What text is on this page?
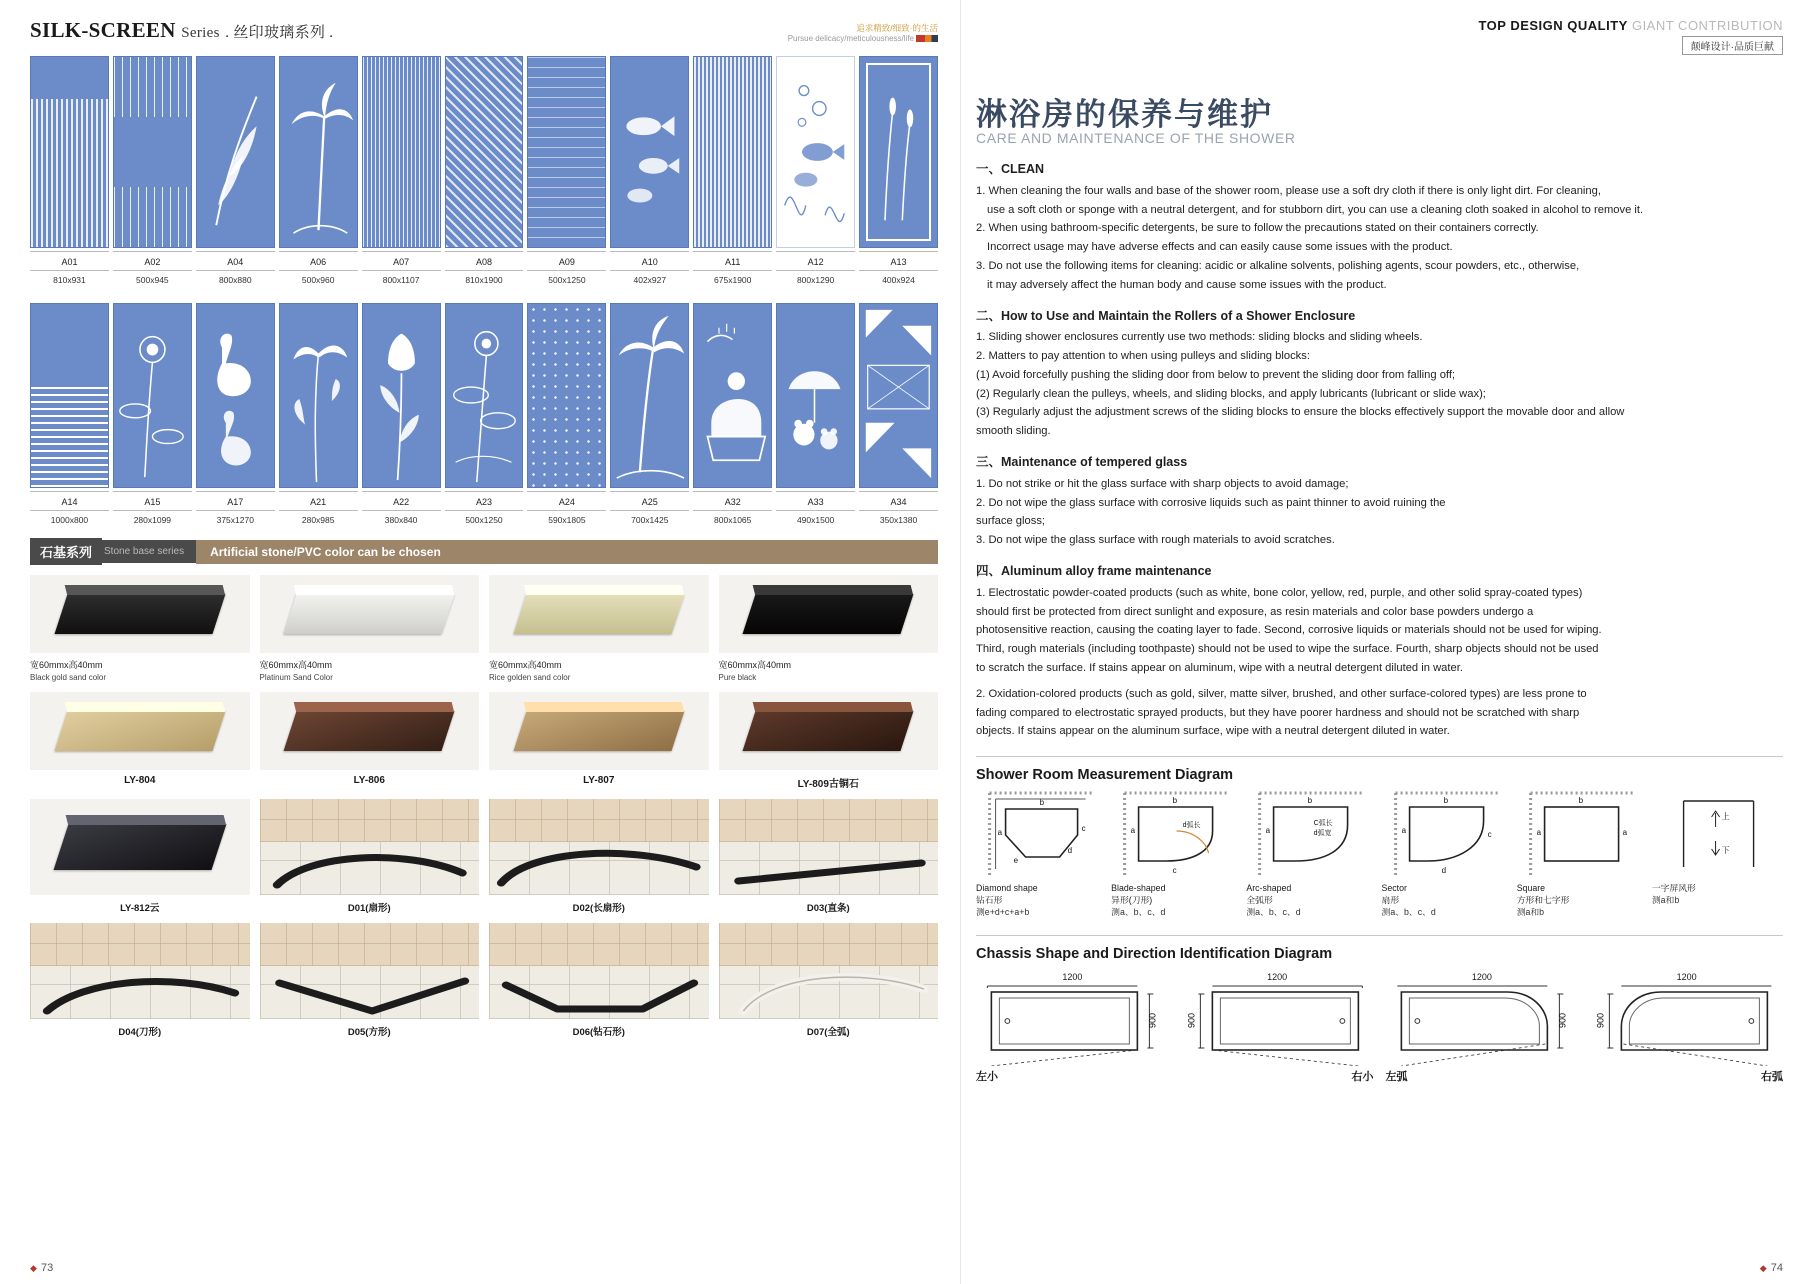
SILK-SCREEN Series . 丝印玻璃系列 .	追求精致/细致·的生活
Pursue delicacy/meticulousness/life
A01
810x931
A02
500x945
A04
800x880
A06
500x960
A07
800x1107
A08
810x1900
A09
500x1250
A10
402x927
A11
675x1900
A12
800x1290
A13
400x924
A14
1000x800
A15
280x1099
A17
375x1270
A21
280x985
A22
380x840
A23
500x1250
A24
590x1805
A25
700x1425
A32
800x1065
A33
490x1500
A34
350x1380
石基系列	Stone base series	Artificial stone/PVC color can be chosen
宽60mmx高40mm
Black gold sand color
宽60mmx高40mm
Platinum Sand Color
宽60mmx高40mm
Rice golden sand color
宽60mmx高40mm
Pure black
LY-804	LY-806	LY-807	LY-809古铜石
LY-812云	D01(扇形)	D02(长扇形)	D03(直条)
D04(刀形)	D05(方形)	D06(钻石形)	D07(全弧)
◆ 73
TOP DESIGN QUALITY GIANT CONTRIBUTION
颠峰设计·品质巨献
淋浴房的保养与维护
CARE AND MAINTENANCE OF THE SHOWER
一、CLEAN

1. When cleaning the four walls and base of the shower room, please use a soft dry cloth if there is only light dirt. For cleaning,

use a soft cloth or sponge with a neutral detergent, and for stubborn dirt, you can use a cleaning cloth soaked in alcohol to remove it.

2. When using bathroom-specific detergents, be sure to follow the precautions stated on their containers correctly.

Incorrect usage may have adverse effects and can easily cause some issues with the product.

3. Do not use the following items for cleaning: acidic or alkaline solvents, polishing agents, scour powders, etc., otherwise,

it may adversely affect the human body and cause some issues with the product.

二、How to Use and Maintain the Rollers of a Shower Enclosure

1. Sliding shower enclosures currently use two methods: sliding blocks and sliding wheels.

2. Matters to pay attention to when using pulleys and sliding blocks:

(1) Avoid forcefully pushing the sliding door from below to prevent the sliding door from falling off;

(2) Regularly clean the pulleys, wheels, and sliding blocks, and apply lubricants (lubricant or slide wax);

(3) Regularly adjust the adjustment screws of the sliding blocks to ensure the blocks effectively support the movable door and allow

smooth sliding.

三、Maintenance of tempered glass

1. Do not strike or hit the glass surface with sharp objects to avoid damage;

2. Do not wipe the glass surface with corrosive liquids such as paint thinner to avoid ruining the

surface gloss;

3. Do not wipe the glass surface with rough materials to avoid scratches.

四、Aluminum alloy frame maintenance

1. Electrostatic powder-coated products (such as white, bone color, yellow, red, purple, and other solid spray-coated types)

should first be protected from direct sunlight and exposure, as resin materials and color base powders undergo a

photosensitive reaction, causing the coating layer to fade. Second, corrosive liquids or materials should not be used for wiping.

Third, rough materials (including toothpaste) should not be used to wipe the surface. Fourth, sharp objects should not be used

to scratch the surface. If stains appear on aluminum, wipe with a neutral detergent diluted in water.

2. Oxidation-colored products (such as gold, silver, matte silver, brushed, and other surface-colored types) are less prone to

fading compared to electrostatic sprayed products, but they have poorer hardness and should not be scratched with sharp

objects. If stains appear on the aluminum surface, wipe with a neutral detergent diluted in water.

Shower Room Measurement Diagram
a
b
c
d
e
Diamond shape
钻石形
测e+d+c+a+b
a
b
c
d弧长
Blade-shaped
异形(刀形)
测a、b、c、d
a
b
C弧长
d弧宽
Arc-shaped
全弧形
测a、b、c、d
a
b
c
d
Sector
扇形
测a、b、c、d
a
b
a
Square
方形和七字形
测a和b
上
下
一字屏风形
测a和b
Chassis Shape and Direction Identification Diagram
1200
900
左小
1200
900
右小
1200
900
左弧
1200
900
右弧
◆ 74
